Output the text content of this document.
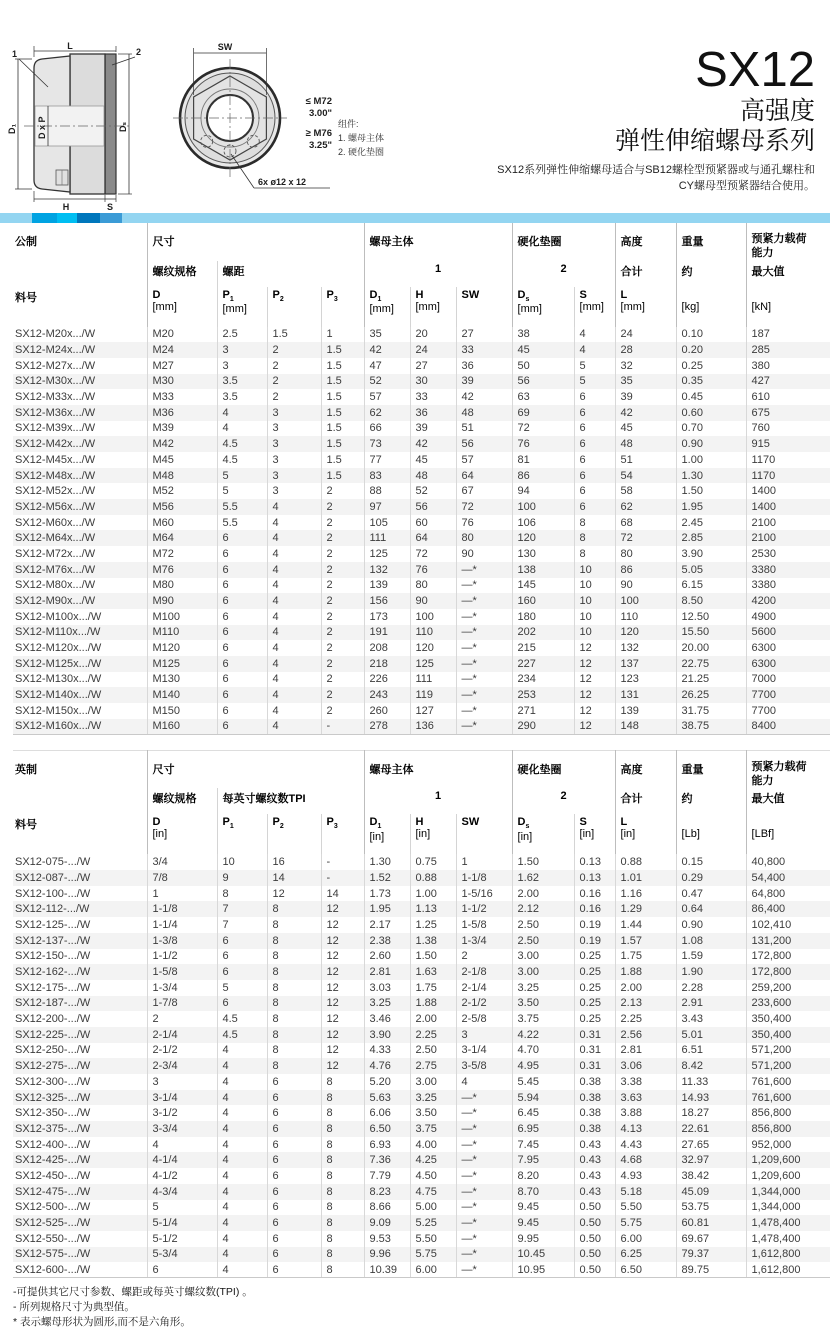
L
1	2
D₁ D x P	Dₛ
H	S

SW
6x ø12 x 12
≤ M72
3.00"
≥ M76
3.25"
组件:
1. 螺母主体
2. 硬化垫圈
SX12
高强度
弹性伸缩螺母系列
SX12系列弹性伸缩螺母适合与SB12螺栓型预紧器或与通孔螺柱和
CY螺母型预紧器结合使用。
公制	尺寸				螺母主体			硬化垫圈		高度	重量	预紧力载荷能力
	螺纹规格	螺距			1			2		合计	约	最大值
料号	D
[mm]	$P_1$
[mm]	$P_2$	$P_3$	$D_1$
[mm]	H
[mm]	SW	$D_s$
[mm]	S
[mm]	L
[mm]	[kg]	[kN]
SX12-M20x.../W	M20	2.5	1.5	1	35	20	27	38	4	24	0.10	187
SX12-M24x.../W	M24	3	2	1.5	42	24	33	45	4	28	0.20	285
SX12-M27x.../W	M27	3	2	1.5	47	27	36	50	5	32	0.25	380
SX12-M30x.../W	M30	3.5	2	1.5	52	30	39	56	5	35	0.35	427
SX12-M33x.../W	M33	3.5	2	1.5	57	33	42	63	6	39	0.45	610
SX12-M36x.../W	M36	4	3	1.5	62	36	48	69	6	42	0.60	675
SX12-M39x.../W	M39	4	3	1.5	66	39	51	72	6	45	0.70	760
SX12-M42x.../W	M42	4.5	3	1.5	73	42	56	76	6	48	0.90	915
SX12-M45x.../W	M45	4.5	3	1.5	77	45	57	81	6	51	1.00	1170
SX12-M48x.../W	M48	5	3	1.5	83	48	64	86	6	54	1.30	1170
SX12-M52x.../W	M52	5	3	2	88	52	67	94	6	58	1.50	1400
SX12-M56x.../W	M56	5.5	4	2	97	56	72	100	6	62	1.95	1400
SX12-M60x.../W	M60	5.5	4	2	105	60	76	106	8	68	2.45	2100
SX12-M64x.../W	M64	6	4	2	111	64	80	120	8	72	2.85	2100
SX12-M72x.../W	M72	6	4	2	125	72	90	130	8	80	3.90	2530
SX12-M76x.../W	M76	6	4	2	132	76	—*	138	10	86	5.05	3380
SX12-M80x.../W	M80	6	4	2	139	80	—*	145	10	90	6.15	3380
SX12-M90x.../W	M90	6	4	2	156	90	—*	160	10	100	8.50	4200
SX12-M100x.../W	M100	6	4	2	173	100	—*	180	10	110	12.50	4900
SX12-M110x.../W	M110	6	4	2	191	110	—*	202	10	120	15.50	5600
SX12-M120x.../W	M120	6	4	2	208	120	—*	215	12	132	20.00	6300
SX12-M125x.../W	M125	6	4	2	218	125	—*	227	12	137	22.75	6300
SX12-M130x.../W	M130	6	4	2	226	111	—*	234	12	123	21.25	7000
SX12-M140x.../W	M140	6	4	2	243	119	—*	253	12	131	26.25	7700
SX12-M150x.../W	M150	6	4	2	260	127	—*	271	12	139	31.75	7700
SX12-M160x.../W	M160	6	4	-	278	136	—*	290	12	148	38.75	8400
英制	尺寸				螺母主体			硬化垫圈		高度	重量	预紧力载荷能力
	螺纹规格	每英寸螺纹数TPI			1			2		合计	约	最大值
料号	D
[in]	$P_1$	$P_2$	$P_3$	$D_1$
[in]	H
[in]	SW	$D_s$
[in]	S
[in]	L
[in]	[Lb]	[LBf]
SX12-075-.../W	3/4	10	16	-	1.30	0.75	1	1.50	0.13	0.88	0.15	40,800
SX12-087-.../W	7/8	9	14	-	1.52	0.88	1-1/8	1.62	0.13	1.01	0.29	54,400
SX12-100-.../W	1	8	12	14	1.73	1.00	1-5/16	2.00	0.16	1.16	0.47	64,800
SX12-112-.../W	1-1/8	7	8	12	1.95	1.13	1-1/2	2.12	0.16	1.29	0.64	86,400
SX12-125-.../W	1-1/4	7	8	12	2.17	1.25	1-5/8	2.50	0.19	1.44	0.90	102,410
SX12-137-.../W	1-3/8	6	8	12	2.38	1.38	1-3/4	2.50	0.19	1.57	1.08	131,200
SX12-150-.../W	1-1/2	6	8	12	2.60	1.50	2	3.00	0.25	1.75	1.59	172,800
SX12-162-.../W	1-5/8	6	8	12	2.81	1.63	2-1/8	3.00	0.25	1.88	1.90	172,800
SX12-175-.../W	1-3/4	5	8	12	3.03	1.75	2-1/4	3.25	0.25	2.00	2.28	259,200
SX12-187-.../W	1-7/8	6	8	12	3.25	1.88	2-1/2	3.50	0.25	2.13	2.91	233,600
SX12-200-.../W	2	4.5	8	12	3.46	2.00	2-5/8	3.75	0.25	2.25	3.43	350,400
SX12-225-.../W	2-1/4	4.5	8	12	3.90	2.25	3	4.22	0.31	2.56	5.01	350,400
SX12-250-.../W	2-1/2	4	8	12	4.33	2.50	3-1/4	4.70	0.31	2.81	6.51	571,200
SX12-275-.../W	2-3/4	4	8	12	4.76	2.75	3-5/8	4.95	0.31	3.06	8.42	571,200
SX12-300-.../W	3	4	6	8	5.20	3.00	4	5.45	0.38	3.38	11.33	761,600
SX12-325-.../W	3-1/4	4	6	8	5.63	3.25	—*	5.94	0.38	3.63	14.93	761,600
SX12-350-.../W	3-1/2	4	6	8	6.06	3.50	—*	6.45	0.38	3.88	18.27	856,800
SX12-375-.../W	3-3/4	4	6	8	6.50	3.75	—*	6.95	0.38	4.13	22.61	856,800
SX12-400-.../W	4	4	6	8	6.93	4.00	—*	7.45	0.43	4.43	27.65	952,000
SX12-425-.../W	4-1/4	4	6	8	7.36	4.25	—*	7.95	0.43	4.68	32.97	1,209,600
SX12-450-.../W	4-1/2	4	6	8	7.79	4.50	—*	8.20	0.43	4.93	38.42	1,209,600
SX12-475-.../W	4-3/4	4	6	8	8.23	4.75	—*	8.70	0.43	5.18	45.09	1,344,000
SX12-500-.../W	5	4	6	8	8.66	5.00	—*	9.45	0.50	5.50	53.75	1,344,000
SX12-525-.../W	5-1/4	4	6	8	9.09	5.25	—*	9.45	0.50	5.75	60.81	1,478,400
SX12-550-.../W	5-1/2	4	6	8	9.53	5.50	—*	9.95	0.50	6.00	69.67	1,478,400
SX12-575-.../W	5-3/4	4	6	8	9.96	5.75	—*	10.45	0.50	6.25	79.37	1,612,800
SX12-600-.../W	6	4	6	8	10.39	6.00	—*	10.95	0.50	6.50	89.75	1,612,800
-可提供其它尺寸参数、螺距或每英寸螺纹数(TPI) 。
- 所列规格尺寸为典型值。
* 表示螺母形状为圆形,而不是六角形。
